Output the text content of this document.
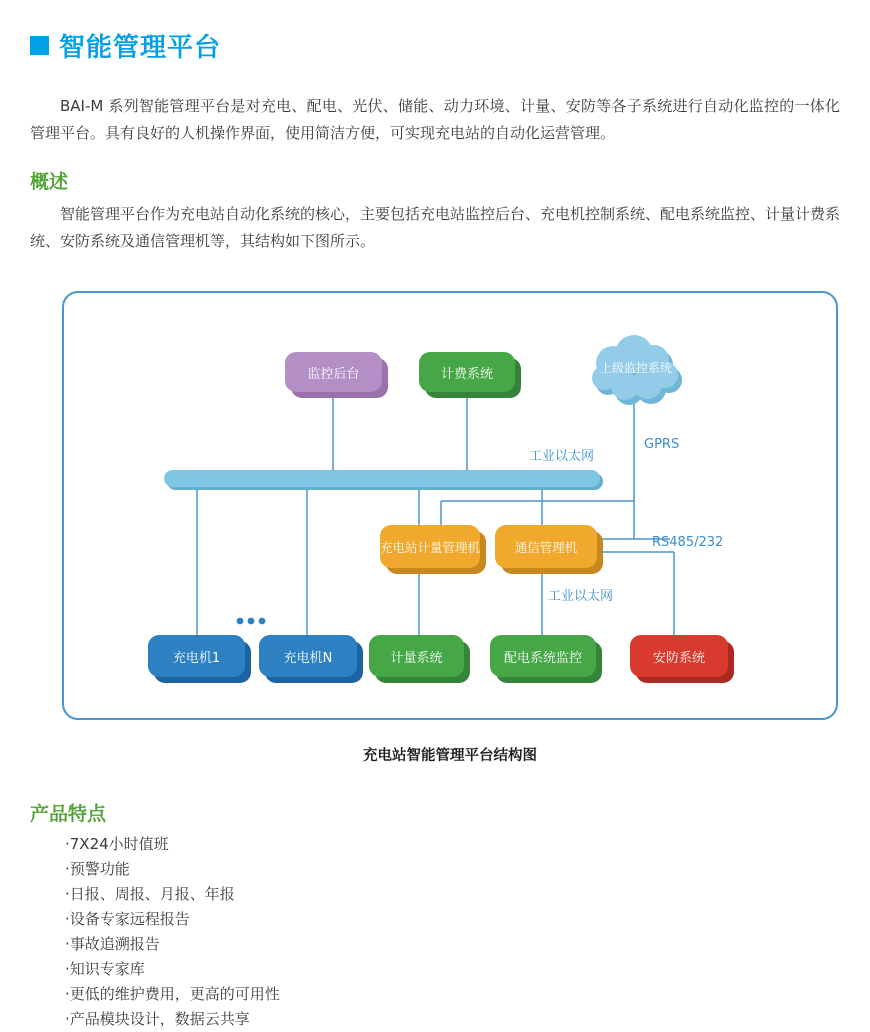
智能管理平台

BAI-M 系列智能管理平台是对充电、配电、光伏、储能、动力环境、计量、安防等各子系统进行自动化监控的一体化管理平台。具有良好的人机操作界面，使用简洁方便，可实现充电站的自动化运营管理。

概述

智能管理平台作为充电站自动化系统的核心，主要包括充电站监控后台、充电机控制系统、配电系统监控、计量计费系统、安防系统及通信管理机等，其结构如下图所示。

监控后台	计费系统	上级监控系统
工业以太网
GPRS
RS485/232
工业以太网
充电站计量管理机	通信管理机
充电机1	充电机N	计量系统	配电系统监控	安防系统
充电站智能管理平台结构图
产品特点
·7X24小时值班
·预警功能
·日报、周报、月报、年报
·设备专家远程报告
·事故追溯报告
·知识专家库
·更低的维护费用，更高的可用性
·产品模块设计，数据云共享
